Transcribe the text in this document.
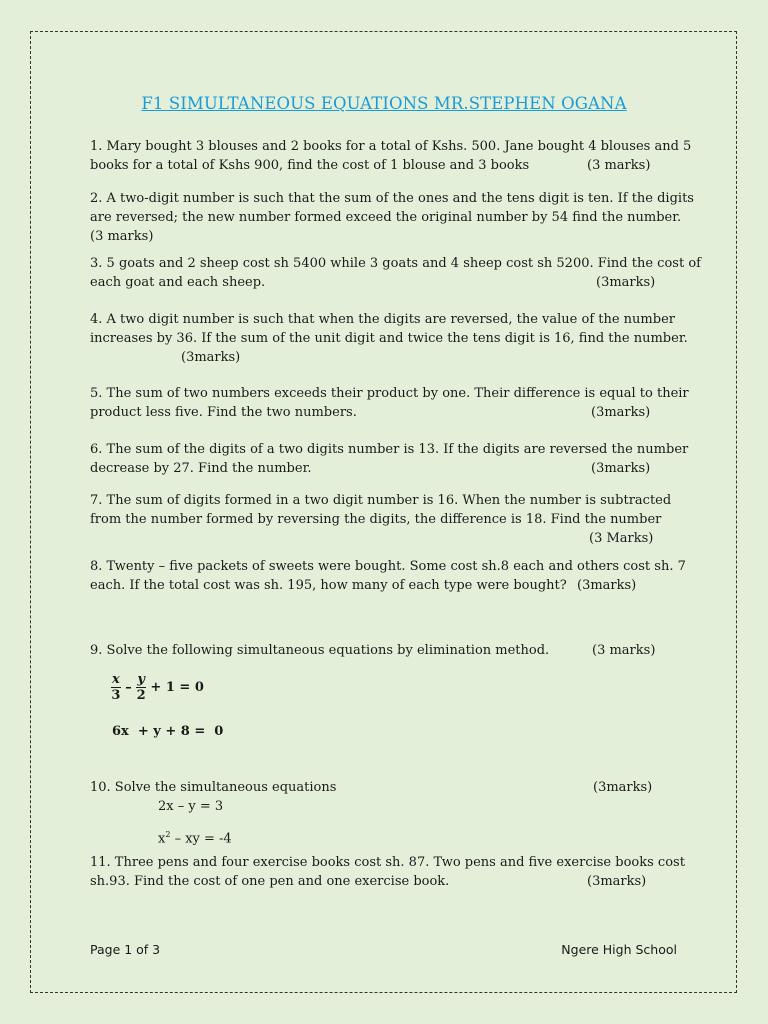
F1 SIMULTANEOUS EQUATIONS MR.STEPHEN OGANA
1. Mary bought 3 blouses and 2 books for a total of Kshs. 500. Jane bought 4 blouses and 5
books for a total of Kshs 900, find the cost of 1 blouse and 3 books	(3 marks)
2. A two-digit number is such that the sum of the ones and the tens digit is ten. If the digits
are reversed; the new number formed exceed the original number by 54 find the number.
(3 marks)
3. 5 goats and 2 sheep cost sh 5400 while 3 goats and 4 sheep cost sh 5200. Find the cost of
each goat and each sheep.	(3marks)
4. A two digit number is such that when the digits are reversed, the value of the number
increases by 36. If the sum of the unit digit and twice the tens digit is 16, find the number.
(3marks)
5. The sum of two numbers exceeds their product by one. Their difference is equal to their
product less five. Find the two numbers.	(3marks)
6. The sum of the digits of a two digits number is 13. If the digits are reversed the number
decrease by 27. Find the number.	(3marks)
7. The sum of digits formed in a two digit number is 16. When the number is subtracted
from the number formed by reversing the digits, the difference is 18. Find the number
(3 Marks)
8. Twenty – five packets of sweets were bought. Some cost sh.8 each and others cost sh. 7
each. If the total cost was sh. 195, how many of each type were bought? (3marks)
9. Solve the following simultaneous equations by elimination method.	(3 marks)
$\frac{x}{3} - \frac{y}{2} + 1 = 0$
6x  + y + 8 =  0
10. Solve the simultaneous equations	(3marks)
2x – y = 3
$x^2$ – xy = -4
11. Three pens and four exercise books cost sh. 87. Two pens and five exercise books cost
sh.93. Find the cost of one pen and one exercise book.	(3marks)
Page 1 of 3	Ngere High School
